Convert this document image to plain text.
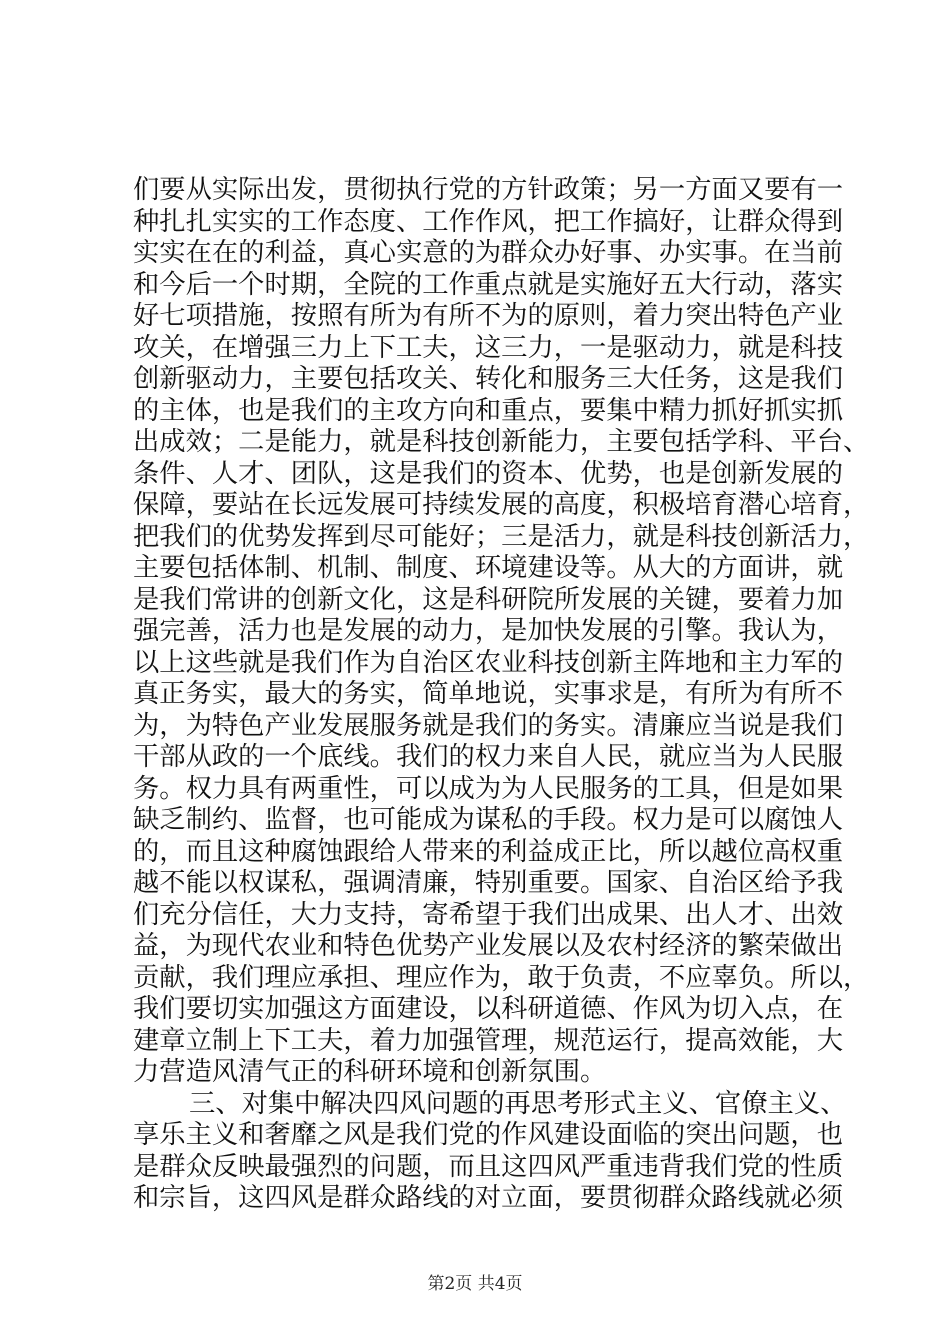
们要从实际出发，贯彻执行党的方针政策；另一方面又要有一
种扎扎实实的工作态度、工作作风，把工作搞好，让群众得到
实实在在的利益，真心实意的为群众办好事、办实事。在当前
和今后一个时期，全院的工作重点就是实施好五大行动，落实
好七项措施，按照有所为有所不为的原则，着力突出特色产业
攻关，在增强三力上下工夫，这三力，一是驱动力，就是科技
创新驱动力，主要包括攻关、转化和服务三大任务，这是我们
的主体，也是我们的主攻方向和重点，要集中精力抓好抓实抓
出成效；二是能力，就是科技创新能力，主要包括学科、平台、
条件、人才、团队，这是我们的资本、优势，也是创新发展的
保障，要站在长远发展可持续发展的高度，积极培育潜心培育，
把我们的优势发挥到尽可能好；三是活力，就是科技创新活力，
主要包括体制、机制、制度、环境建设等。从大的方面讲，就
是我们常讲的创新文化，这是科研院所发展的关键，要着力加
强完善，活力也是发展的动力，是加快发展的引擎。我认为，
以上这些就是我们作为自治区农业科技创新主阵地和主力军的
真正务实，最大的务实，简单地说，实事求是，有所为有所不
为，为特色产业发展服务就是我们的务实。清廉应当说是我们
干部从政的一个底线。我们的权力来自人民，就应当为人民服
务。权力具有两重性，可以成为为人民服务的工具，但是如果
缺乏制约、监督，也可能成为谋私的手段。权力是可以腐蚀人
的，而且这种腐蚀跟给人带来的利益成正比，所以越位高权重
越不能以权谋私，强调清廉，特别重要。国家、自治区给予我
们充分信任，大力支持，寄希望于我们出成果、出人才、出效
益，为现代农业和特色优势产业发展以及农村经济的繁荣做出
贡献，我们理应承担、理应作为，敢于负责，不应辜负。所以，
我们要切实加强这方面建设，以科研道德、作风为切入点，在
建章立制上下工夫，着力加强管理，规范运行，提高效能，大
力营造风清气正的科研环境和创新氛围。
三、对集中解决四风问题的再思考形式主义、官僚主义、
享乐主义和奢靡之风是我们党的作风建设面临的突出问题，也
是群众反映最强烈的问题，而且这四风严重违背我们党的性质
和宗旨，这四风是群众路线的对立面，要贯彻群众路线就必须
第2页 共4页
